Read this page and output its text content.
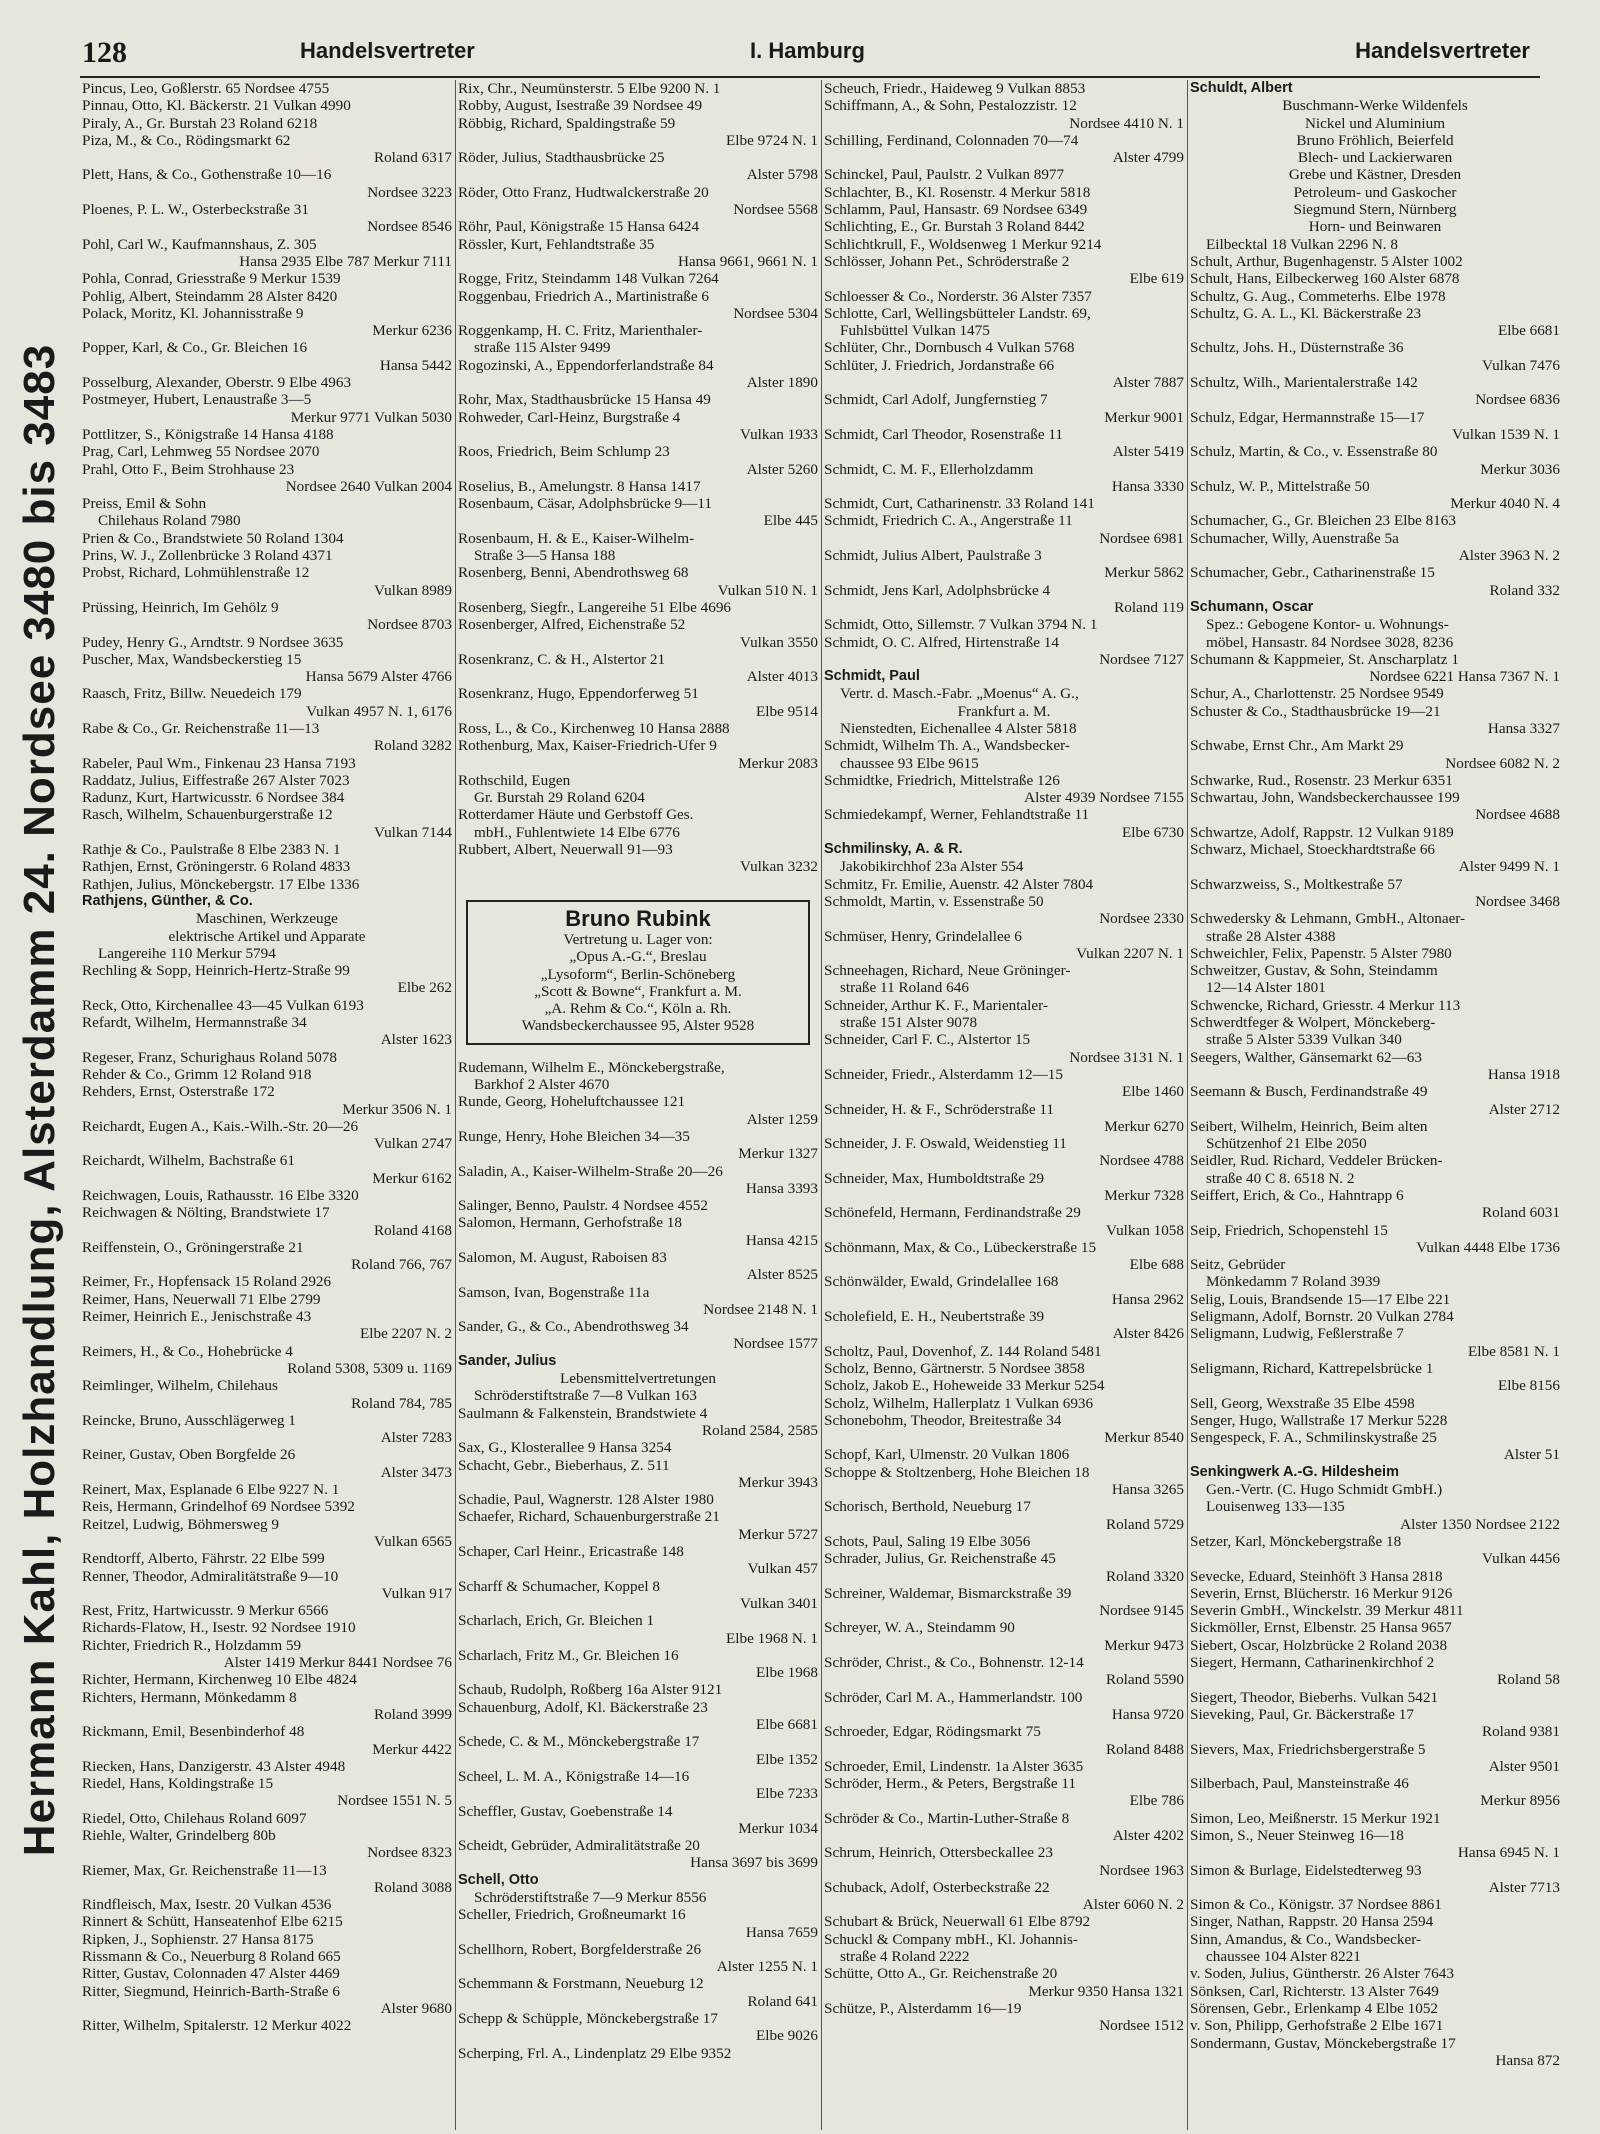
128	Handelsvertreter	I. Hamburg	Handelsvertreter
Hermann Kahl, Holzhandlung, Alsterdamm 24. Nordsee 3480 bis 3483
Pincus, Leo, Goßlerstr. 65 Nordsee 4755
Pinnau, Otto, Kl. Bäckerstr. 21 Vulkan 4990
Piraly, A., Gr. Burstah 23 Roland 6218
Piza, M., & Co., Rödingsmarkt 62
Roland 6317
Plett, Hans, & Co., Gothenstraße 10—16
Nordsee 3223
Ploenes, P. L. W., Osterbeckstraße 31
Nordsee 8546
Pohl, Carl W., Kaufmannshaus, Z. 305
Hansa 2935 Elbe 787 Merkur 7111
Pohla, Conrad, Griesstraße 9 Merkur 1539
Pohlig, Albert, Steindamm 28 Alster 8420
Polack, Moritz, Kl. Johannisstraße 9
Merkur 6236
Popper, Karl, & Co., Gr. Bleichen 16
Hansa 5442
Posselburg, Alexander, Oberstr. 9 Elbe 4963
Postmeyer, Hubert, Lenaustraße 3—5
Merkur 9771 Vulkan 5030
Pottlitzer, S., Königstraße 14 Hansa 4188
Prag, Carl, Lehmweg 55 Nordsee 2070
Prahl, Otto F., Beim Strohhause 23
Nordsee 2640 Vulkan 2004
Preiss, Emil & Sohn
Chilehaus Roland 7980
Prien & Co., Brandstwiete 50 Roland 1304
Prins, W. J., Zollenbrücke 3 Roland 4371
Probst, Richard, Lohmühlenstraße 12
Vulkan 8989
Prüssing, Heinrich, Im Gehölz 9
Nordsee 8703
Pudey, Henry G., Arndtstr. 9 Nordsee 3635
Puscher, Max, Wandsbeckerstieg 15
Hansa 5679 Alster 4766
Raasch, Fritz, Billw. Neuedeich 179
Vulkan 4957 N. 1, 6176
Rabe & Co., Gr. Reichenstraße 11—13
Roland 3282
Rabeler, Paul Wm., Finkenau 23 Hansa 7193
Raddatz, Julius, Eiffestraße 267 Alster 7023
Radunz, Kurt, Hartwicusstr. 6 Nordsee 384
Rasch, Wilhelm, Schauenburgerstraße 12
Vulkan 7144
Rathje & Co., Paulstraße 8 Elbe 2383 N. 1
Rathjen, Ernst, Gröningerstr. 6 Roland 4833
Rathjen, Julius, Mönckebergstr. 17 Elbe 1336
Rathjens, Günther, & Co.
Maschinen, Werkzeuge
elektrische Artikel und Apparate
Langereihe 110 Merkur 5794
Rechling & Sopp, Heinrich-Hertz-Straße 99
Elbe 262
Reck, Otto, Kirchenallee 43—45 Vulkan 6193
Refardt, Wilhelm, Hermannstraße 34
Alster 1623
Regeser, Franz, Schurighaus Roland 5078
Rehder & Co., Grimm 12 Roland 918
Rehders, Ernst, Osterstraße 172
Merkur 3506 N. 1
Reichardt, Eugen A., Kais.-Wilh.-Str. 20—26
Vulkan 2747
Reichardt, Wilhelm, Bachstraße 61
Merkur 6162
Reichwagen, Louis, Rathausstr. 16 Elbe 3320
Reichwagen & Nölting, Brandstwiete 17
Roland 4168
Reiffenstein, O., Gröningerstraße 21
Roland 766, 767
Reimer, Fr., Hopfensack 15 Roland 2926
Reimer, Hans, Neuerwall 71 Elbe 2799
Reimer, Heinrich E., Jenischstraße 43
Elbe 2207 N. 2
Reimers, H., & Co., Hohebrücke 4
Roland 5308, 5309 u. 1169
Reimlinger, Wilhelm, Chilehaus
Roland 784, 785
Reincke, Bruno, Ausschlägerweg 1
Alster 7283
Reiner, Gustav, Oben Borgfelde 26
Alster 3473
Reinert, Max, Esplanade 6 Elbe 9227 N. 1
Reis, Hermann, Grindelhof 69 Nordsee 5392
Reitzel, Ludwig, Böhmersweg 9
Vulkan 6565
Rendtorff, Alberto, Fährstr. 22 Elbe 599
Renner, Theodor, Admiralitätstraße 9—10
Vulkan 917
Rest, Fritz, Hartwicusstr. 9 Merkur 6566
Richards-Flatow, H., Isestr. 92 Nordsee 1910
Richter, Friedrich R., Holzdamm 59
Alster 1419 Merkur 8441 Nordsee 76
Richter, Hermann, Kirchenweg 10 Elbe 4824
Richters, Hermann, Mönkedamm 8
Roland 3999
Rickmann, Emil, Besenbinderhof 48
Merkur 4422
Riecken, Hans, Danzigerstr. 43 Alster 4948
Riedel, Hans, Koldingstraße 15
Nordsee 1551 N. 5
Riedel, Otto, Chilehaus Roland 6097
Riehle, Walter, Grindelberg 80b
Nordsee 8323
Riemer, Max, Gr. Reichenstraße 11—13
Roland 3088
Rindfleisch, Max, Isestr. 20 Vulkan 4536
Rinnert & Schütt, Hanseatenhof Elbe 6215
Ripken, J., Sophienstr. 27 Hansa 8175
Rissmann & Co., Neuerburg 8 Roland 665
Ritter, Gustav, Colonnaden 47 Alster 4469
Ritter, Siegmund, Heinrich-Barth-Straße 6
Alster 9680
Ritter, Wilhelm, Spitalerstr. 12 Merkur 4022
Rix, Chr., Neumünsterstr. 5 Elbe 9200 N. 1
Robby, August, Isestraße 39 Nordsee 49
Röbbig, Richard, Spaldingstraße 59
Elbe 9724 N. 1
Röder, Julius, Stadthausbrücke 25
Alster 5798
Röder, Otto Franz, Hudtwalckerstraße 20
Nordsee 5568
Röhr, Paul, Königstraße 15 Hansa 6424
Rössler, Kurt, Fehlandtstraße 35
Hansa 9661, 9661 N. 1
Rogge, Fritz, Steindamm 148 Vulkan 7264
Roggenbau, Friedrich A., Martinistraße 6
Nordsee 5304
Roggenkamp, H. C. Fritz, Marienthaler-
straße 115 Alster 9499
Rogozinski, A., Eppendorferlandstraße 84
Alster 1890
Rohr, Max, Stadthausbrücke 15 Hansa 49
Rohweder, Carl-Heinz, Burgstraße 4
Vulkan 1933
Roos, Friedrich, Beim Schlump 23
Alster 5260
Roselius, B., Amelungstr. 8 Hansa 1417
Rosenbaum, Cäsar, Adolphsbrücke 9—11
Elbe 445
Rosenbaum, H. & E., Kaiser-Wilhelm-
Straße 3—5 Hansa 188
Rosenberg, Benni, Abendrothsweg 68
Vulkan 510 N. 1
Rosenberg, Siegfr., Langereihe 51 Elbe 4696
Rosenberger, Alfred, Eichenstraße 52
Vulkan 3550
Rosenkranz, C. & H., Alstertor 21
Alster 4013
Rosenkranz, Hugo, Eppendorferweg 51
Elbe 9514
Ross, L., & Co., Kirchenweg 10 Hansa 2888
Rothenburg, Max, Kaiser-Friedrich-Ufer 9
Merkur 2083
Rothschild, Eugen
Gr. Burstah 29 Roland 6204
Rotterdamer Häute und Gerbstoff Ges.
mbH., Fuhlentwiete 14 Elbe 6776
Rubbert, Albert, Neuerwall 91—93
Vulkan 3232
Bruno Rubink
Vertretung u. Lager von:
„Opus A.-G.“, Breslau
„Lysoform“, Berlin-Schöneberg
„Scott & Bowne“, Frankfurt a. M.
„A. Rehm & Co.“, Köln a. Rh.
Wandsbeckerchaussee 95, Alster 9528
Rudemann, Wilhelm E., Mönckebergstraße,
Barkhof 2 Alster 4670
Runde, Georg, Hoheluftchaussee 121
Alster 1259
Runge, Henry, Hohe Bleichen 34—35
Merkur 1327
Saladin, A., Kaiser-Wilhelm-Straße 20—26
Hansa 3393
Salinger, Benno, Paulstr. 4 Nordsee 4552
Salomon, Hermann, Gerhofstraße 18
Hansa 4215
Salomon, M. August, Raboisen 83
Alster 8525
Samson, Ivan, Bogenstraße 11a
Nordsee 2148 N. 1
Sander, G., & Co., Abendrothsweg 34
Nordsee 1577
Sander, Julius
Lebensmittelvertretungen
Schröderstiftstraße 7—8 Vulkan 163
Saulmann & Falkenstein, Brandstwiete 4
Roland 2584, 2585
Sax, G., Klosterallee 9 Hansa 3254
Schacht, Gebr., Bieberhaus, Z. 511
Merkur 3943
Schadie, Paul, Wagnerstr. 128 Alster 1980
Schaefer, Richard, Schauenburgerstraße 21
Merkur 5727
Schaper, Carl Heinr., Ericastraße 148
Vulkan 457
Scharff & Schumacher, Koppel 8
Vulkan 3401
Scharlach, Erich, Gr. Bleichen 1
Elbe 1968 N. 1
Scharlach, Fritz M., Gr. Bleichen 16
Elbe 1968
Schaub, Rudolph, Roßberg 16a Alster 9121
Schauenburg, Adolf, Kl. Bäckerstraße 23
Elbe 6681
Schede, C. & M., Mönckebergstraße 17
Elbe 1352
Scheel, L. M. A., Königstraße 14—16
Elbe 7233
Scheffler, Gustav, Goebenstraße 14
Merkur 1034
Scheidt, Gebrüder, Admiralitätstraße 20
Hansa 3697 bis 3699
Schell, Otto
Schröderstiftstraße 7—9 Merkur 8556
Scheller, Friedrich, Großneumarkt 16
Hansa 7659
Schellhorn, Robert, Borgfelderstraße 26
Alster 1255 N. 1
Schemmann & Forstmann, Neueburg 12
Roland 641
Schepp & Schüpple, Mönckebergstraße 17
Elbe 9026
Scherping, Frl. A., Lindenplatz 29 Elbe 9352
Scheuch, Friedr., Haideweg 9 Vulkan 8853
Schiffmann, A., & Sohn, Pestalozzistr. 12
Nordsee 4410 N. 1
Schilling, Ferdinand, Colonnaden 70—74
Alster 4799
Schinckel, Paul, Paulstr. 2 Vulkan 8977
Schlachter, B., Kl. Rosenstr. 4 Merkur 5818
Schlamm, Paul, Hansastr. 69 Nordsee 6349
Schlichting, E., Gr. Burstah 3 Roland 8442
Schlichtkrull, F., Woldsenweg 1 Merkur 9214
Schlösser, Johann Pet., Schröderstraße 2
Elbe 619
Schloesser & Co., Norderstr. 36 Alster 7357
Schlotte, Carl, Wellingsbütteler Landstr. 69,
Fuhlsbüttel Vulkan 1475
Schlüter, Chr., Dornbusch 4 Vulkan 5768
Schlüter, J. Friedrich, Jordanstraße 66
Alster 7887
Schmidt, Carl Adolf, Jungfernstieg 7
Merkur 9001
Schmidt, Carl Theodor, Rosenstraße 11
Alster 5419
Schmidt, C. M. F., Ellerholzdamm
Hansa 3330
Schmidt, Curt, Catharinenstr. 33 Roland 141
Schmidt, Friedrich C. A., Angerstraße 11
Nordsee 6981
Schmidt, Julius Albert, Paulstraße 3
Merkur 5862
Schmidt, Jens Karl, Adolphsbrücke 4
Roland 119
Schmidt, Otto, Sillemstr. 7 Vulkan 3794 N. 1
Schmidt, O. C. Alfred, Hirtenstraße 14
Nordsee 7127
Schmidt, Paul
Vertr. d. Masch.-Fabr. „Moenus“ A. G.,
Frankfurt a. M.
Nienstedten, Eichenallee 4 Alster 5818
Schmidt, Wilhelm Th. A., Wandsbecker-
chaussee 93 Elbe 9615
Schmidtke, Friedrich, Mittelstraße 126
Alster 4939 Nordsee 7155
Schmiedekampf, Werner, Fehlandtstraße 11
Elbe 6730
Schmilinsky, A. & R.
Jakobikirchhof 23a Alster 554
Schmitz, Fr. Emilie, Auenstr. 42 Alster 7804
Schmoldt, Martin, v. Essenstraße 50
Nordsee 2330
Schmüser, Henry, Grindelallee 6
Vulkan 2207 N. 1
Schneehagen, Richard, Neue Gröninger-
straße 11 Roland 646
Schneider, Arthur K. F., Marientaler-
straße 151 Alster 9078
Schneider, Carl F. C., Alstertor 15
Nordsee 3131 N. 1
Schneider, Friedr., Alsterdamm 12—15
Elbe 1460
Schneider, H. & F., Schröderstraße 11
Merkur 6270
Schneider, J. F. Oswald, Weidenstieg 11
Nordsee 4788
Schneider, Max, Humboldtstraße 29
Merkur 7328
Schönefeld, Hermann, Ferdinandstraße 29
Vulkan 1058
Schönmann, Max, & Co., Lübeckerstraße 15
Elbe 688
Schönwälder, Ewald, Grindelallee 168
Hansa 2962
Scholefield, E. H., Neubertstraße 39
Alster 8426
Scholtz, Paul, Dovenhof, Z. 144 Roland 5481
Scholz, Benno, Gärtnerstr. 5 Nordsee 3858
Scholz, Jakob E., Hoheweide 33 Merkur 5254
Scholz, Wilhelm, Hallerplatz 1 Vulkan 6936
Schonebohm, Theodor, Breitestraße 34
Merkur 8540
Schopf, Karl, Ulmenstr. 20 Vulkan 1806
Schoppe & Stoltzenberg, Hohe Bleichen 18
Hansa 3265
Schorisch, Berthold, Neueburg 17
Roland 5729
Schots, Paul, Saling 19 Elbe 3056
Schrader, Julius, Gr. Reichenstraße 45
Roland 3320
Schreiner, Waldemar, Bismarckstraße 39
Nordsee 9145
Schreyer, W. A., Steindamm 90
Merkur 9473
Schröder, Christ., & Co., Bohnenstr. 12-14
Roland 5590
Schröder, Carl M. A., Hammerlandstr. 100
Hansa 9720
Schroeder, Edgar, Rödingsmarkt 75
Roland 8488
Schroeder, Emil, Lindenstr. 1a Alster 3635
Schröder, Herm., & Peters, Bergstraße 11
Elbe 786
Schröder & Co., Martin-Luther-Straße 8
Alster 4202
Schrum, Heinrich, Ottersbeckallee 23
Nordsee 1963
Schuback, Adolf, Osterbeckstraße 22
Alster 6060 N. 2
Schubart & Brück, Neuerwall 61 Elbe 8792
Schuckl & Company mbH., Kl. Johannis-
straße 4 Roland 2222
Schütte, Otto A., Gr. Reichenstraße 20
Merkur 9350 Hansa 1321
Schütze, P., Alsterdamm 16—19
Nordsee 1512
Schuldt, Albert
Buschmann-Werke Wildenfels
Nickel und Aluminium
Bruno Fröhlich, Beierfeld
Blech- und Lackierwaren
Grebe und Kästner, Dresden
Petroleum- und Gaskocher
Siegmund Stern, Nürnberg
Horn- und Beinwaren
Eilbecktal 18 Vulkan 2296 N. 8
Schult, Arthur, Bugenhagenstr. 5 Alster 1002
Schult, Hans, Eilbeckerweg 160 Alster 6878
Schultz, G. Aug., Commeterhs. Elbe 1978
Schultz, G. A. L., Kl. Bäckerstraße 23
Elbe 6681
Schultz, Johs. H., Düsternstraße 36
Vulkan 7476
Schultz, Wilh., Marientalerstraße 142
Nordsee 6836
Schulz, Edgar, Hermannstraße 15—17
Vulkan 1539 N. 1
Schulz, Martin, & Co., v. Essenstraße 80
Merkur 3036
Schulz, W. P., Mittelstraße 50
Merkur 4040 N. 4
Schumacher, G., Gr. Bleichen 23 Elbe 8163
Schumacher, Willy, Auenstraße 5a
Alster 3963 N. 2
Schumacher, Gebr., Catharinenstraße 15
Roland 332
Schumann, Oscar
Spez.: Gebogene Kontor- u. Wohnungs-
möbel, Hansastr. 84 Nordsee 3028, 8236
Schumann & Kappmeier, St. Anscharplatz 1
Nordsee 6221 Hansa 7367 N. 1
Schur, A., Charlottenstr. 25 Nordsee 9549
Schuster & Co., Stadthausbrücke 19—21
Hansa 3327
Schwabe, Ernst Chr., Am Markt 29
Nordsee 6082 N. 2
Schwarke, Rud., Rosenstr. 23 Merkur 6351
Schwartau, John, Wandsbeckerchaussee 199
Nordsee 4688
Schwartze, Adolf, Rappstr. 12 Vulkan 9189
Schwarz, Michael, Stoeckhardtstraße 66
Alster 9499 N. 1
Schwarzweiss, S., Moltkestraße 57
Nordsee 3468
Schwedersky & Lehmann, GmbH., Altonaer-
straße 28 Alster 4388
Schweichler, Felix, Papenstr. 5 Alster 7980
Schweitzer, Gustav, & Sohn, Steindamm
12—14 Alster 1801
Schwencke, Richard, Griesstr. 4 Merkur 113
Schwerdtfeger & Wolpert, Mönckeberg-
straße 5 Alster 5339 Vulkan 340
Seegers, Walther, Gänsemarkt 62—63
Hansa 1918
Seemann & Busch, Ferdinandstraße 49
Alster 2712
Seibert, Wilhelm, Heinrich, Beim alten
Schützenhof 21 Elbe 2050
Seidler, Rud. Richard, Veddeler Brücken-
straße 40 C 8. 6518 N. 2
Seiffert, Erich, & Co., Hahntrapp 6
Roland 6031
Seip, Friedrich, Schopenstehl 15
Vulkan 4448 Elbe 1736
Seitz, Gebrüder
Mönkedamm 7 Roland 3939
Selig, Louis, Brandsende 15—17 Elbe 221
Seligmann, Adolf, Bornstr. 20 Vulkan 2784
Seligmann, Ludwig, Feßlerstraße 7
Elbe 8581 N. 1
Seligmann, Richard, Kattrepelsbrücke 1
Elbe 8156
Sell, Georg, Wexstraße 35 Elbe 4598
Senger, Hugo, Wallstraße 17 Merkur 5228
Sengespeck, F. A., Schmilinskystraße 25
Alster 51
Senkingwerk A.-G. Hildesheim
Gen.-Vertr. (C. Hugo Schmidt GmbH.)
Louisenweg 133—135
Alster 1350 Nordsee 2122
Setzer, Karl, Mönckebergstraße 18
Vulkan 4456
Sevecke, Eduard, Steinhöft 3 Hansa 2818
Severin, Ernst, Blücherstr. 16 Merkur 9126
Severin GmbH., Winckelstr. 39 Merkur 4811
Sickmöller, Ernst, Elbenstr. 25 Hansa 9657
Siebert, Oscar, Holzbrücke 2 Roland 2038
Siegert, Hermann, Catharinenkirchhof 2
Roland 58
Siegert, Theodor, Bieberhs. Vulkan 5421
Sieveking, Paul, Gr. Bäckerstraße 17
Roland 9381
Sievers, Max, Friedrichsbergerstraße 5
Alster 9501
Silberbach, Paul, Mansteinstraße 46
Merkur 8956
Simon, Leo, Meißnerstr. 15 Merkur 1921
Simon, S., Neuer Steinweg 16—18
Hansa 6945 N. 1
Simon & Burlage, Eidelstedterweg 93
Alster 7713
Simon & Co., Königstr. 37 Nordsee 8861
Singer, Nathan, Rappstr. 20 Hansa 2594
Sinn, Amandus, & Co., Wandsbecker-
chaussee 104 Alster 8221
v. Soden, Julius, Güntherstr. 26 Alster 7643
Sönksen, Carl, Richterstr. 13 Alster 7649
Sörensen, Gebr., Erlenkamp 4 Elbe 1052
v. Son, Philipp, Gerhofstraße 2 Elbe 1671
Sondermann, Gustav, Mönckebergstraße 17
Hansa 872
